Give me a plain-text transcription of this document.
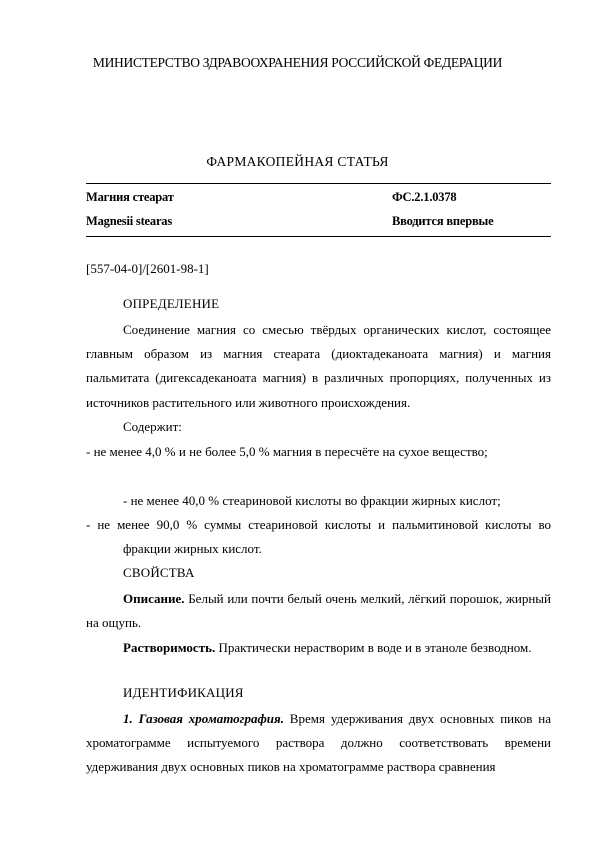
МИНИСТЕРСТВО ЗДРАВООХРАНЕНИЯ РОССИЙСКОЙ ФЕДЕРАЦИИ
ФАРМАКОПЕЙНАЯ СТАТЬЯ
Магния стеарат	ФС.2.1.0378
Magnesii stearas	Вводится впервые
[557-04-0]/[2601-98-1]
ОПРЕДЕЛЕНИЕ
Соединение магния со смесью твёрдых органических кислот, состоящее главным образом из магния стеарата (диоктадеканоата магния) и магния пальмитата (дигексадеканоата магния) в различных пропорциях, полученных из источников растительного или животного происхождения.
Содержит:
- не менее 4,0 % и не более 5,0 % магния в пересчёте на сухое вещество;
- не менее 40,0 % стеариновой кислоты во фракции жирных кислот;
- не менее 90,0 % суммы стеариновой кислоты и пальмитиновой кислоты во фракции жирных кислот.
СВОЙСТВА
Описание. Белый или почти белый очень мелкий, лёгкий порошок, жирный на ощупь.
Растворимость. Практически нерастворим в воде и в этаноле безводном.
ИДЕНТИФИКАЦИЯ
1. Газовая хроматография. Время удерживания двух основных пиков на хроматограмме испытуемого раствора должно соответствовать времени удерживания двух основных пиков на хроматограмме раствора сравнения
